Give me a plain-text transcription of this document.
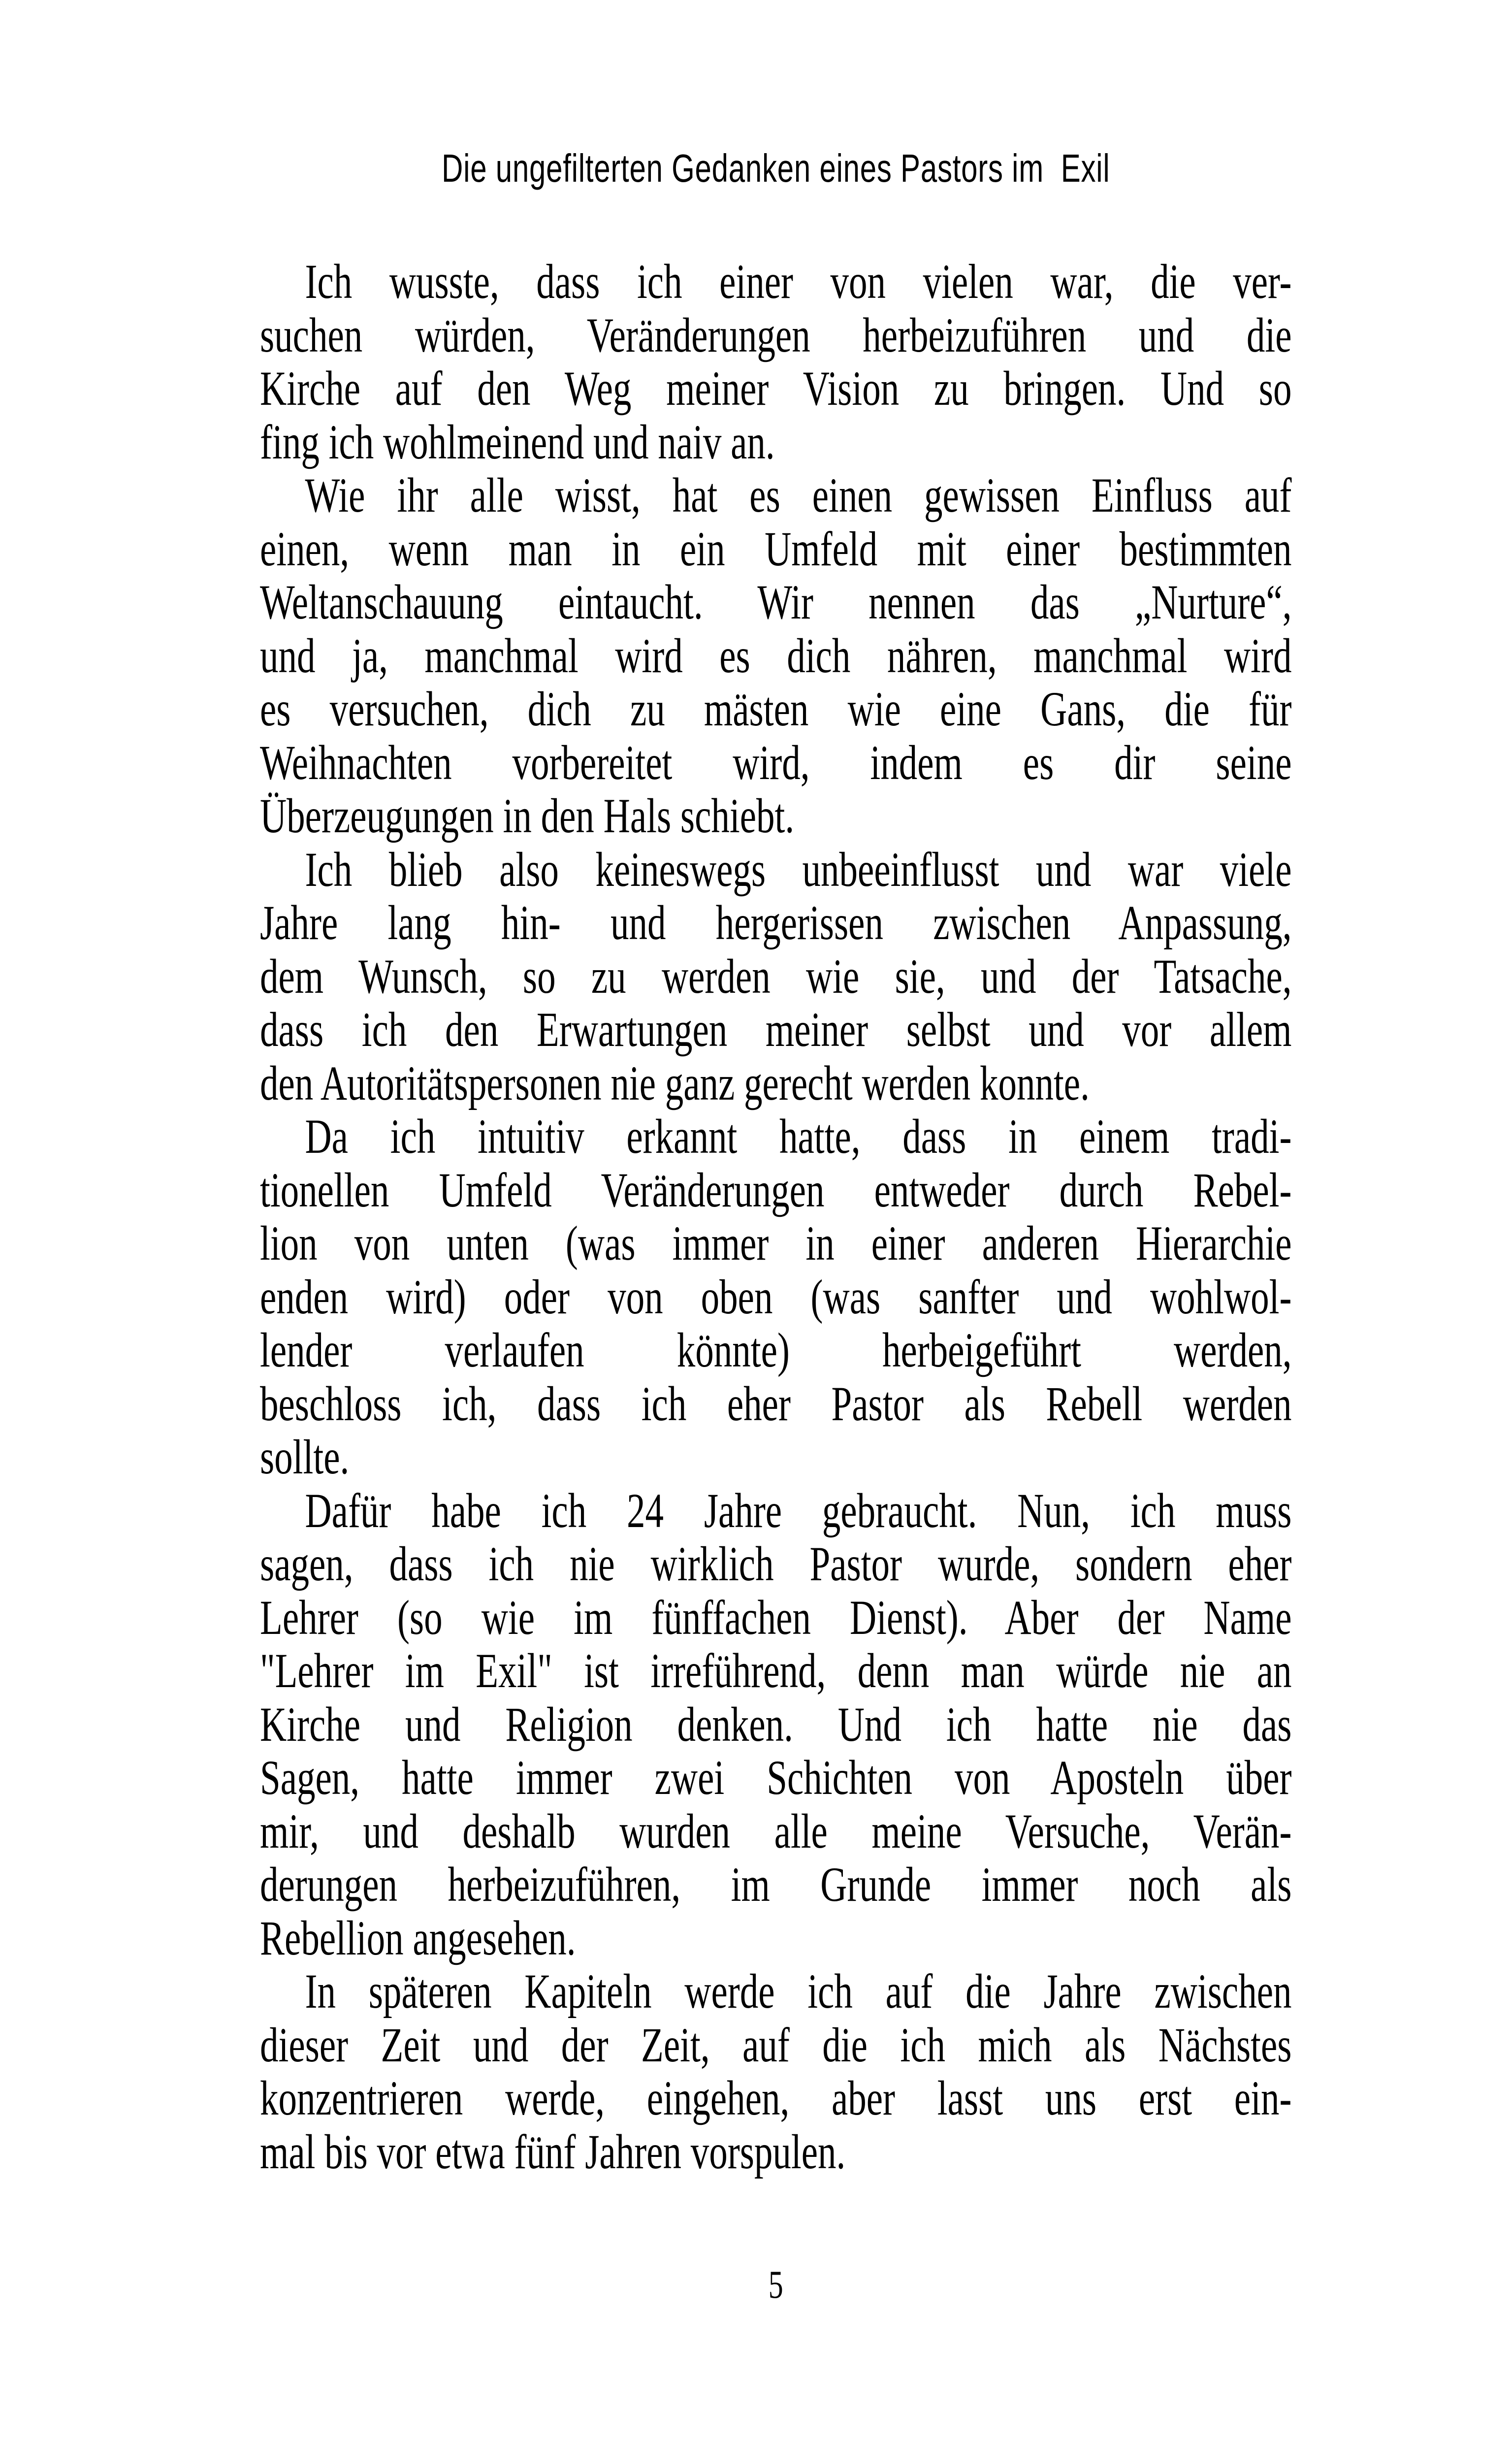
Die ungefilterten Gedanken eines Pastors im  Exil
Ich wusste, dass ich einer von vielen war, die ver-
suchen würden, Veränderungen herbeizuführen und die
Kirche auf den Weg meiner Vision zu bringen. Und so
fing ich wohlmeinend und naiv an.
Wie ihr alle wisst, hat es einen gewissen Einfluss auf
einen, wenn man in ein Umfeld mit einer bestimmten
Weltanschauung eintaucht. Wir nennen das „Nurture“,
und ja, manchmal wird es dich nähren, manchmal wird
es versuchen, dich zu mästen wie eine Gans, die für
Weihnachten vorbereitet wird, indem es dir seine
Überzeugungen in den Hals schiebt.
Ich blieb also keineswegs unbeeinflusst und war viele
Jahre lang hin- und hergerissen zwischen Anpassung,
dem Wunsch, so zu werden wie sie, und der Tatsache,
dass ich den Erwartungen meiner selbst und vor allem
den Autoritätspersonen nie ganz gerecht werden konnte.
Da ich intuitiv erkannt hatte, dass in einem tradi-
tionellen Umfeld Veränderungen entweder durch Rebel-
lion von unten (was immer in einer anderen Hierarchie
enden wird) oder von oben (was sanfter und wohlwol-
lender verlaufen könnte) herbeigeführt werden,
beschloss ich, dass ich eher Pastor als Rebell werden
sollte.
Dafür habe ich 24 Jahre gebraucht. Nun, ich muss
sagen, dass ich nie wirklich Pastor wurde, sondern eher
Lehrer (so wie im fünffachen Dienst). Aber der Name
"Lehrer im Exil" ist irreführend, denn man würde nie an
Kirche und Religion denken. Und ich hatte nie das
Sagen, hatte immer zwei Schichten von Aposteln über
mir, und deshalb wurden alle meine Versuche, Verän-
derungen herbeizuführen, im Grunde immer noch als
Rebellion angesehen.
In späteren Kapiteln werde ich auf die Jahre zwischen
dieser Zeit und der Zeit, auf die ich mich als Nächstes
konzentrieren werde, eingehen, aber lasst uns erst ein-
mal bis vor etwa fünf Jahren vorspulen.
5
